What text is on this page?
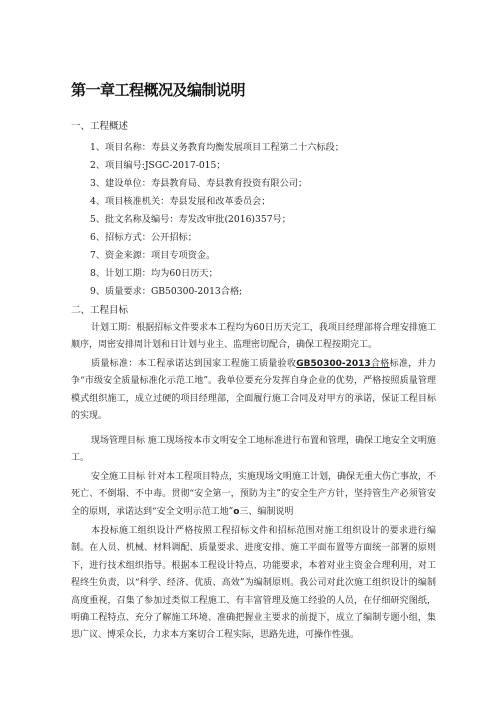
第一章工程概况及编制说明
一、工程概述
1、项目名称：寿县义务教育均衡发展项目工程第二十六标段；
2、项目编号:JSGC-2017-015；
3、建设单位：寿县教育局、寿县教育投资有限公司；
4、项目核准机关：寿县发展和改革委员会；
5、批文名称及编号：寿发改审批(2016)357号；
6、招标方式：公开招标；
7、资金来源：项目专项资金。
8、计划工期：均为60日历天；
9、质量要求：GB50300-2013合格;
二、工程目标

计划工期：根据招标文件要求本工程均为60日历天完工，我项目经理部将合理安排施工顺序，周密安排周计划和日计划与业主、监理密切配合，确保工程按期完工。

质量标准：本工程承诺达到国家工程施工质量验收GB50300-2013合格标准，并力争“市级安全质量标准化示范工地”。我单位要充分发挥自身企业的优势，严格按照质量管理模式组织施工，成立过硬的项目经理部，全面履行施工合同及对甲方的承诺，保证工程目标的实现。

现场管理目标 施工现场按本市文明安全工地标准进行布置和管理，确保工地安全文明施工。

安全施工目标 针对本工程项目特点，实施现场文明施工计划，确保无重大伤亡事故，不死亡、不倒塌、不中毒。贯彻“安全第一，预防为主”的安全生产方针，坚持管生产必须管安全的原则，承诺达到“安全文明示范工地”o三、编制说明

本投标施工组织设计严格按照工程招标文件和招标范围对施工组织设计的要求进行编制。在人员、机械、材料调配、质量要求、进度安排、施工平面布置等方面统一部署的原则下，进行技术组织指导。根据本工程设计特点、功能要求，本着对业主资金合理利用，对工程终生负责，以“科学、经济、优质、高效”为编制原则。我公司对此次施工组织设计的编制高度重视，召集了参加过类似工程施工、有丰富管理及施工经验的人员，在仔细研究图纸，明确工程特点、充分了解施工环境、准确把握业主要求的前提下，成立了编制专题小组，集思广议、博采众长，力求本方案切合工程实际，思路先进，可操作性强。
